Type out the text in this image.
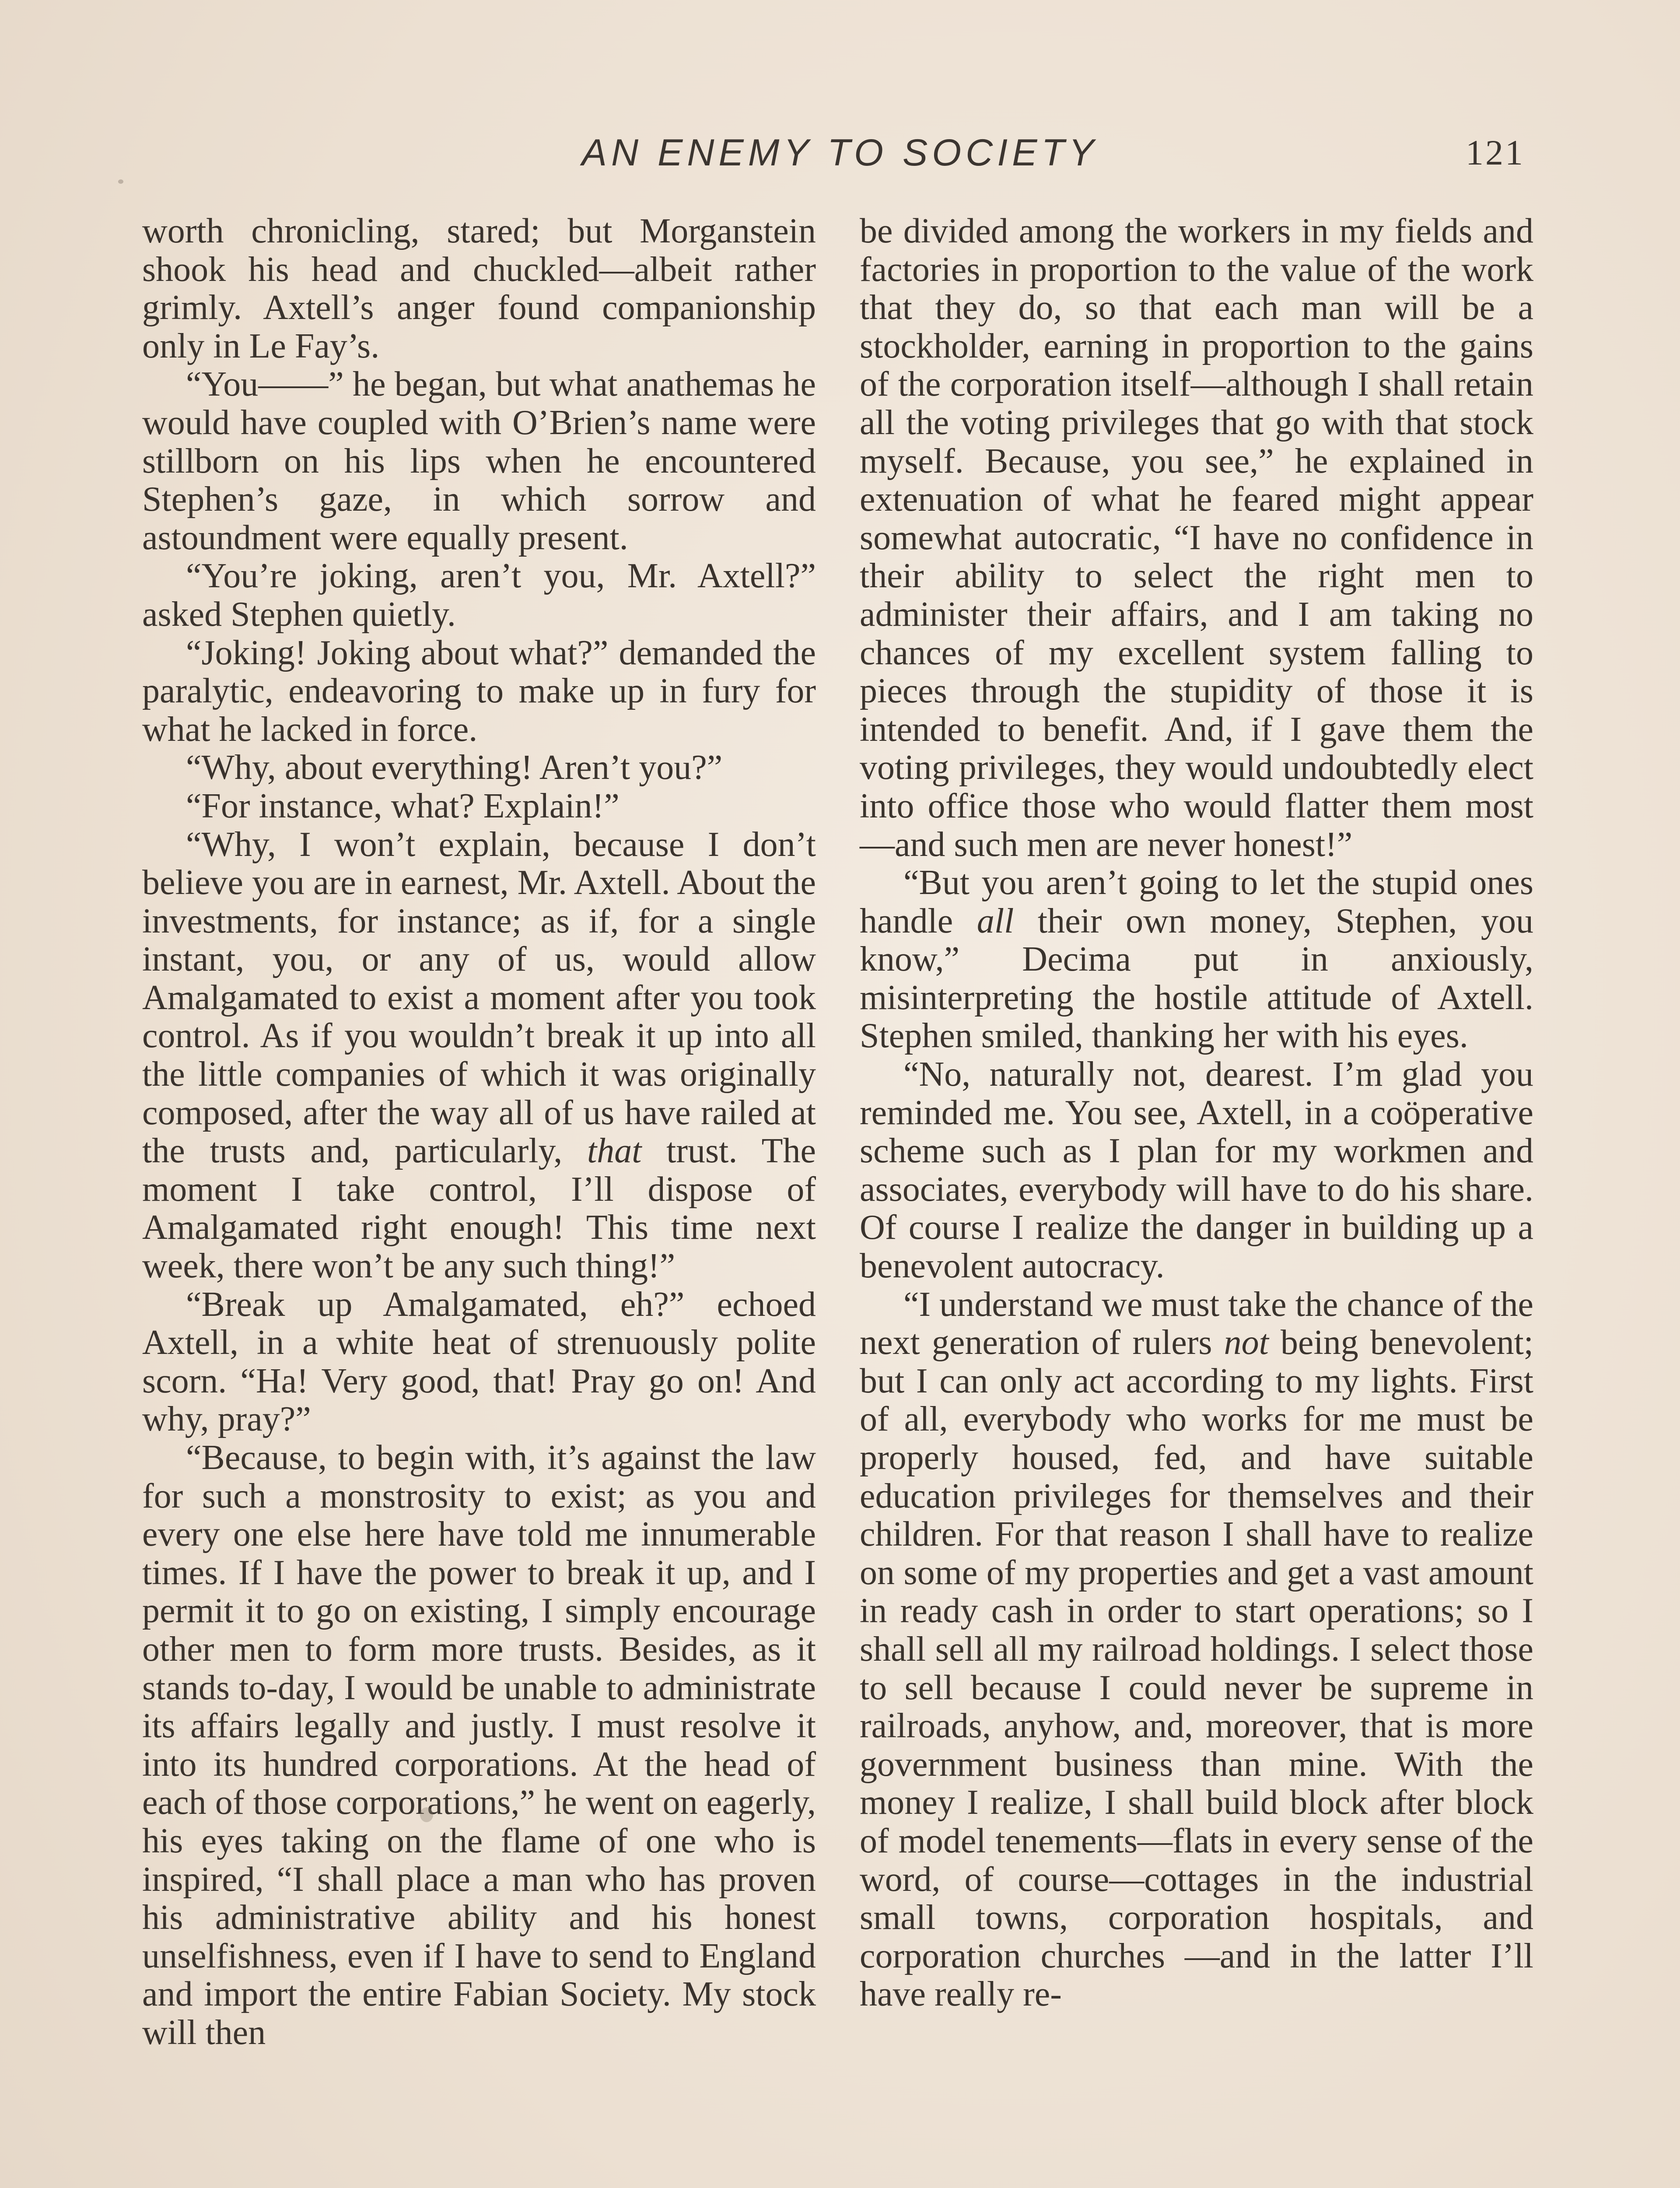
AN ENEMY TO SOCIETY	121

worth chronicling, stared; but Morganstein shook his head and chuckled—albeit rather grimly. Axtell’s anger found companionship only in Le Fay’s.

“You——” he began, but what anathemas he would have coupled with O’Brien’s name were stillborn on his lips when he encountered Stephen’s gaze, in which sorrow and astoundment were equally present.

“You’re joking, aren’t you, Mr. Axtell?” asked Stephen quietly.

“Joking! Joking about what?” demanded the paralytic, endeavoring to make up in fury for what he lacked in force.

“Why, about everything! Aren’t you?”

“For instance, what? Explain!”

“Why, I won’t explain, because I don’t believe you are in earnest, Mr. Axtell. About the investments, for instance; as if, for a single instant, you, or any of us, would allow Amalgamated to exist a moment after you took control. As if you wouldn’t break it up into all the little companies of which it was originally composed, after the way all of us have railed at the trusts and, particularly, that trust. The moment I take control, I’ll dispose of Amalgamated right enough! This time next week, there won’t be any such thing!”

“Break up Amalgamated, eh?” echoed Axtell, in a white heat of strenuously polite scorn. “Ha! Very good, that! Pray go on! And why, pray?”

“Because, to begin with, it’s against the law for such a monstrosity to exist; as you and every one else here have told me innumerable times. If I have the power to break it up, and I permit it to go on existing, I simply encourage other men to form more trusts. Besides, as it stands to-day, I would be unable to administrate its affairs legally and justly. I must resolve it into its hundred corporations. At the head of each of those corporations,” he went on eagerly, his eyes taking on the flame of one who is inspired, “I shall place a man who has proven his administrative ability and his honest unselfishness, even if I have to send to England and import the entire Fabian Society. My stock will then

be divided among the workers in my fields and factories in proportion to the value of the work that they do, so that each man will be a stockholder, earning in proportion to the gains of the corporation itself—although I shall retain all the voting privileges that go with that stock myself. Because, you see,” he explained in extenuation of what he feared might appear somewhat autocratic, “I have no confidence in their ability to select the right men to administer their affairs, and I am taking no chances of my excellent system falling to pieces through the stupidity of those it is intended to benefit. And, if I gave them the voting privileges, they would undoubtedly elect into office those who would flatter them most—and such men are never honest!”

“But you aren’t going to let the stupid ones handle all their own money, Stephen, you know,” Decima put in anxiously, misinterpreting the hostile attitude of Axtell. Stephen smiled, thanking her with his eyes.

“No, naturally not, dearest. I’m glad you reminded me. You see, Axtell, in a coöperative scheme such as I plan for my workmen and associates, everybody will have to do his share. Of course I realize the danger in building up a benevolent autocracy.

“I understand we must take the chance of the next generation of rulers not being benevolent; but I can only act according to my lights. First of all, everybody who works for me must be properly housed, fed, and have suitable education privileges for themselves and their children. For that reason I shall have to realize on some of my properties and get a vast amount in ready cash in order to start operations; so I shall sell all my railroad holdings. I select those to sell because I could never be supreme in railroads, anyhow, and, moreover, that is more government business than mine. With the money I realize, I shall build block after block of model tenements—flats in every sense of the word, of course—cottages in the industrial small towns, corporation hospitals, and corporation churches —and in the latter I’ll have really re-
